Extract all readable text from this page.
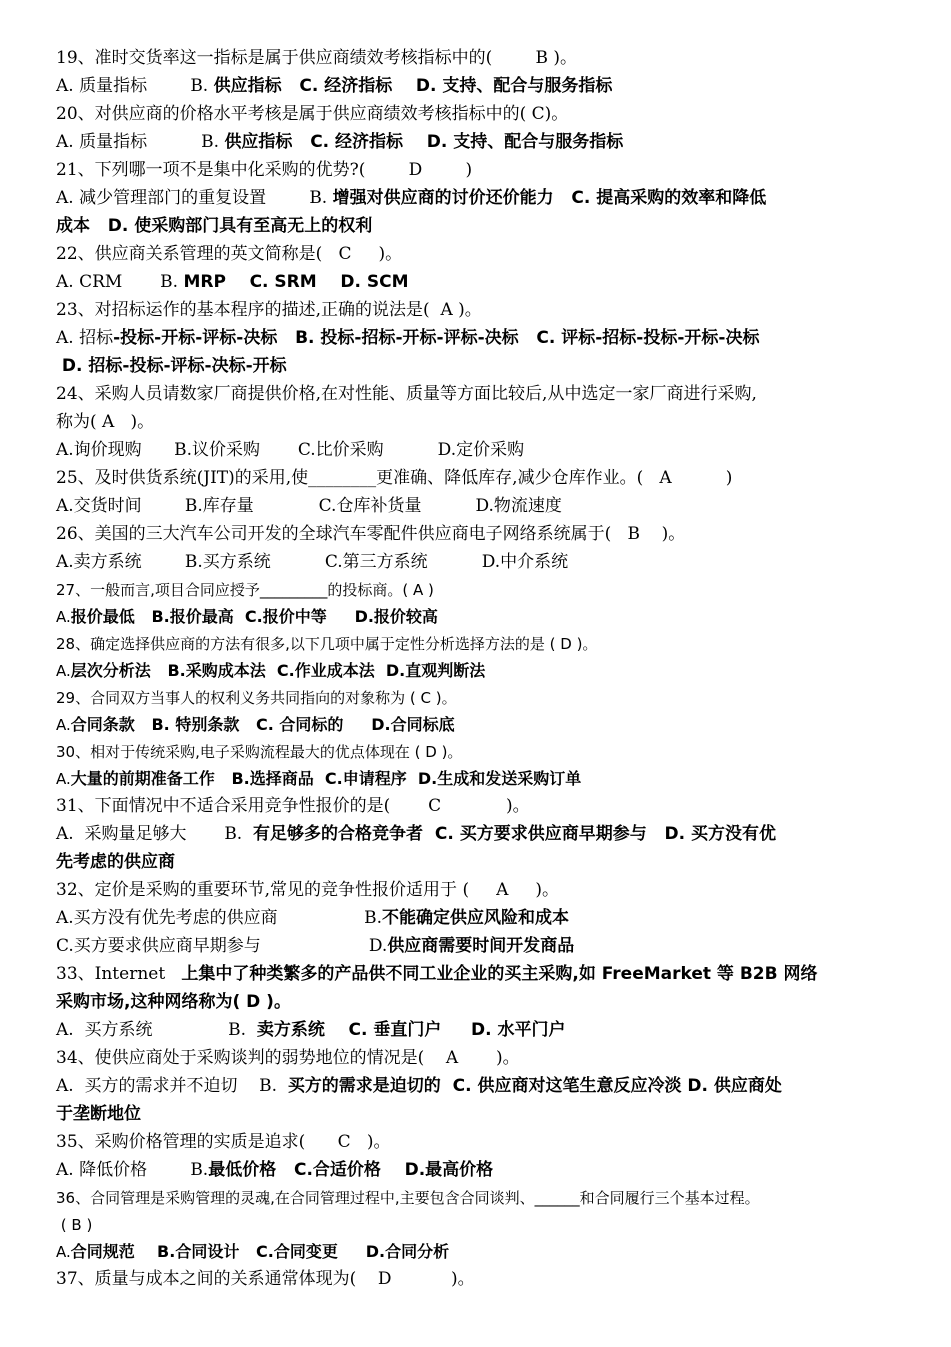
19、准时交货率这一指标是属于供应商绩效考核指标中的(        B )。
A. 质量指标        B. 供应指标   C. 经济指标    D. 支持、配合与服务指标
20、对供应商的价格水平考核是属于供应商绩效考核指标中的( C)。
A. 质量指标          B. 供应指标   C. 经济指标    D. 支持、配合与服务指标
21、下列哪一项不是集中化采购的优势?(        D        )
A. 减少管理部门的重复设置        B. 增强对供应商的讨价还价能力   C. 提高采购的效率和降低
成本   D. 使采购部门具有至高无上的权利
22、供应商关系管理的英文简称是(   C     )。
A. CRM       B. MRP    C. SRM    D. SCM
23、对招标运作的基本程序的描述,正确的说法是(  A )。
A. 招标-投标-开标-评标-决标   B. 投标-招标-开标-评标-决标   C. 评标-招标-投标-开标-决标
D. 招标-投标-评标-决标-开标
24、采购人员请数家厂商提供价格,在对性能、质量等方面比较后,从中选定一家厂商进行采购,
称为( A   )。
A.询价现购      B.议价采购       C.比价采购          D.定价采购
25、及时供货系统(JIT)的采用,使________更准确、降低库存,减少仓库作业。(   A          )
A.交货时间        B.库存量            C.仓库补货量          D.物流速度
26、美国的三大汽车公司开发的全球汽车零配件供应商电子网络系统属于(   B    )。
A.卖方系统        B.买方系统          C.第三方系统          D.中介系统
27、一般而言,项目合同应授予_________的投标商。( A )
A.报价最低   B.报价最高  C.报价中等     D.报价较高
28、确定选择供应商的方法有很多,以下几项中属于定性分析选择方法的是 ( D )。
A.层次分析法   B.采购成本法  C.作业成本法  D.直观判断法
29、合同双方当事人的权利义务共同指向的对象称为 ( C )。
A.合同条款   B. 特别条款   C. 合同标的     D.合同标底
30、相对于传统采购,电子采购流程最大的优点体现在 ( D )。
A.大量的前期准备工作   B.选择商品  C.申请程序  D.生成和发送采购订单
31、下面情况中不适合采用竞争性报价的是(       C            )。
A.  采购量足够大       B.  有足够多的合格竞争者  C. 买方要求供应商早期参与   D. 买方没有优
先考虑的供应商
32、定价是采购的重要环节,常见的竞争性报价适用于 (     A     )。
A.买方没有优先考虑的供应商                B.不能确定供应风险和成本
C.买方要求供应商早期参与                    D.供应商需要时间开发商品
33、Internet   上集中了种类繁多的产品供不同工业企业的买主采购,如 FreeMarket 等 B2B 网络
采购市场,这种网络称为( D )。
A.  买方系统              B.  卖方系统    C. 垂直门户     D. 水平门户
34、使供应商处于采购谈判的弱势地位的情况是(    A       )。
A.  买方的需求并不迫切    B.  买方的需求是迫切的  C. 供应商对这笔生意反应冷淡 D. 供应商处
于垄断地位
35、采购价格管理的实质是追求(      C   )。
A. 降低价格        B.最低价格   C.合适价格    D.最高价格
36、合同管理是采购管理的灵魂,在合同管理过程中,主要包含合同谈判、______和合同履行三个基本过程。
( B )
A.合同规范    B.合同设计   C.合同变更     D.合同分析
37、质量与成本之间的关系通常体现为(    D           )。
